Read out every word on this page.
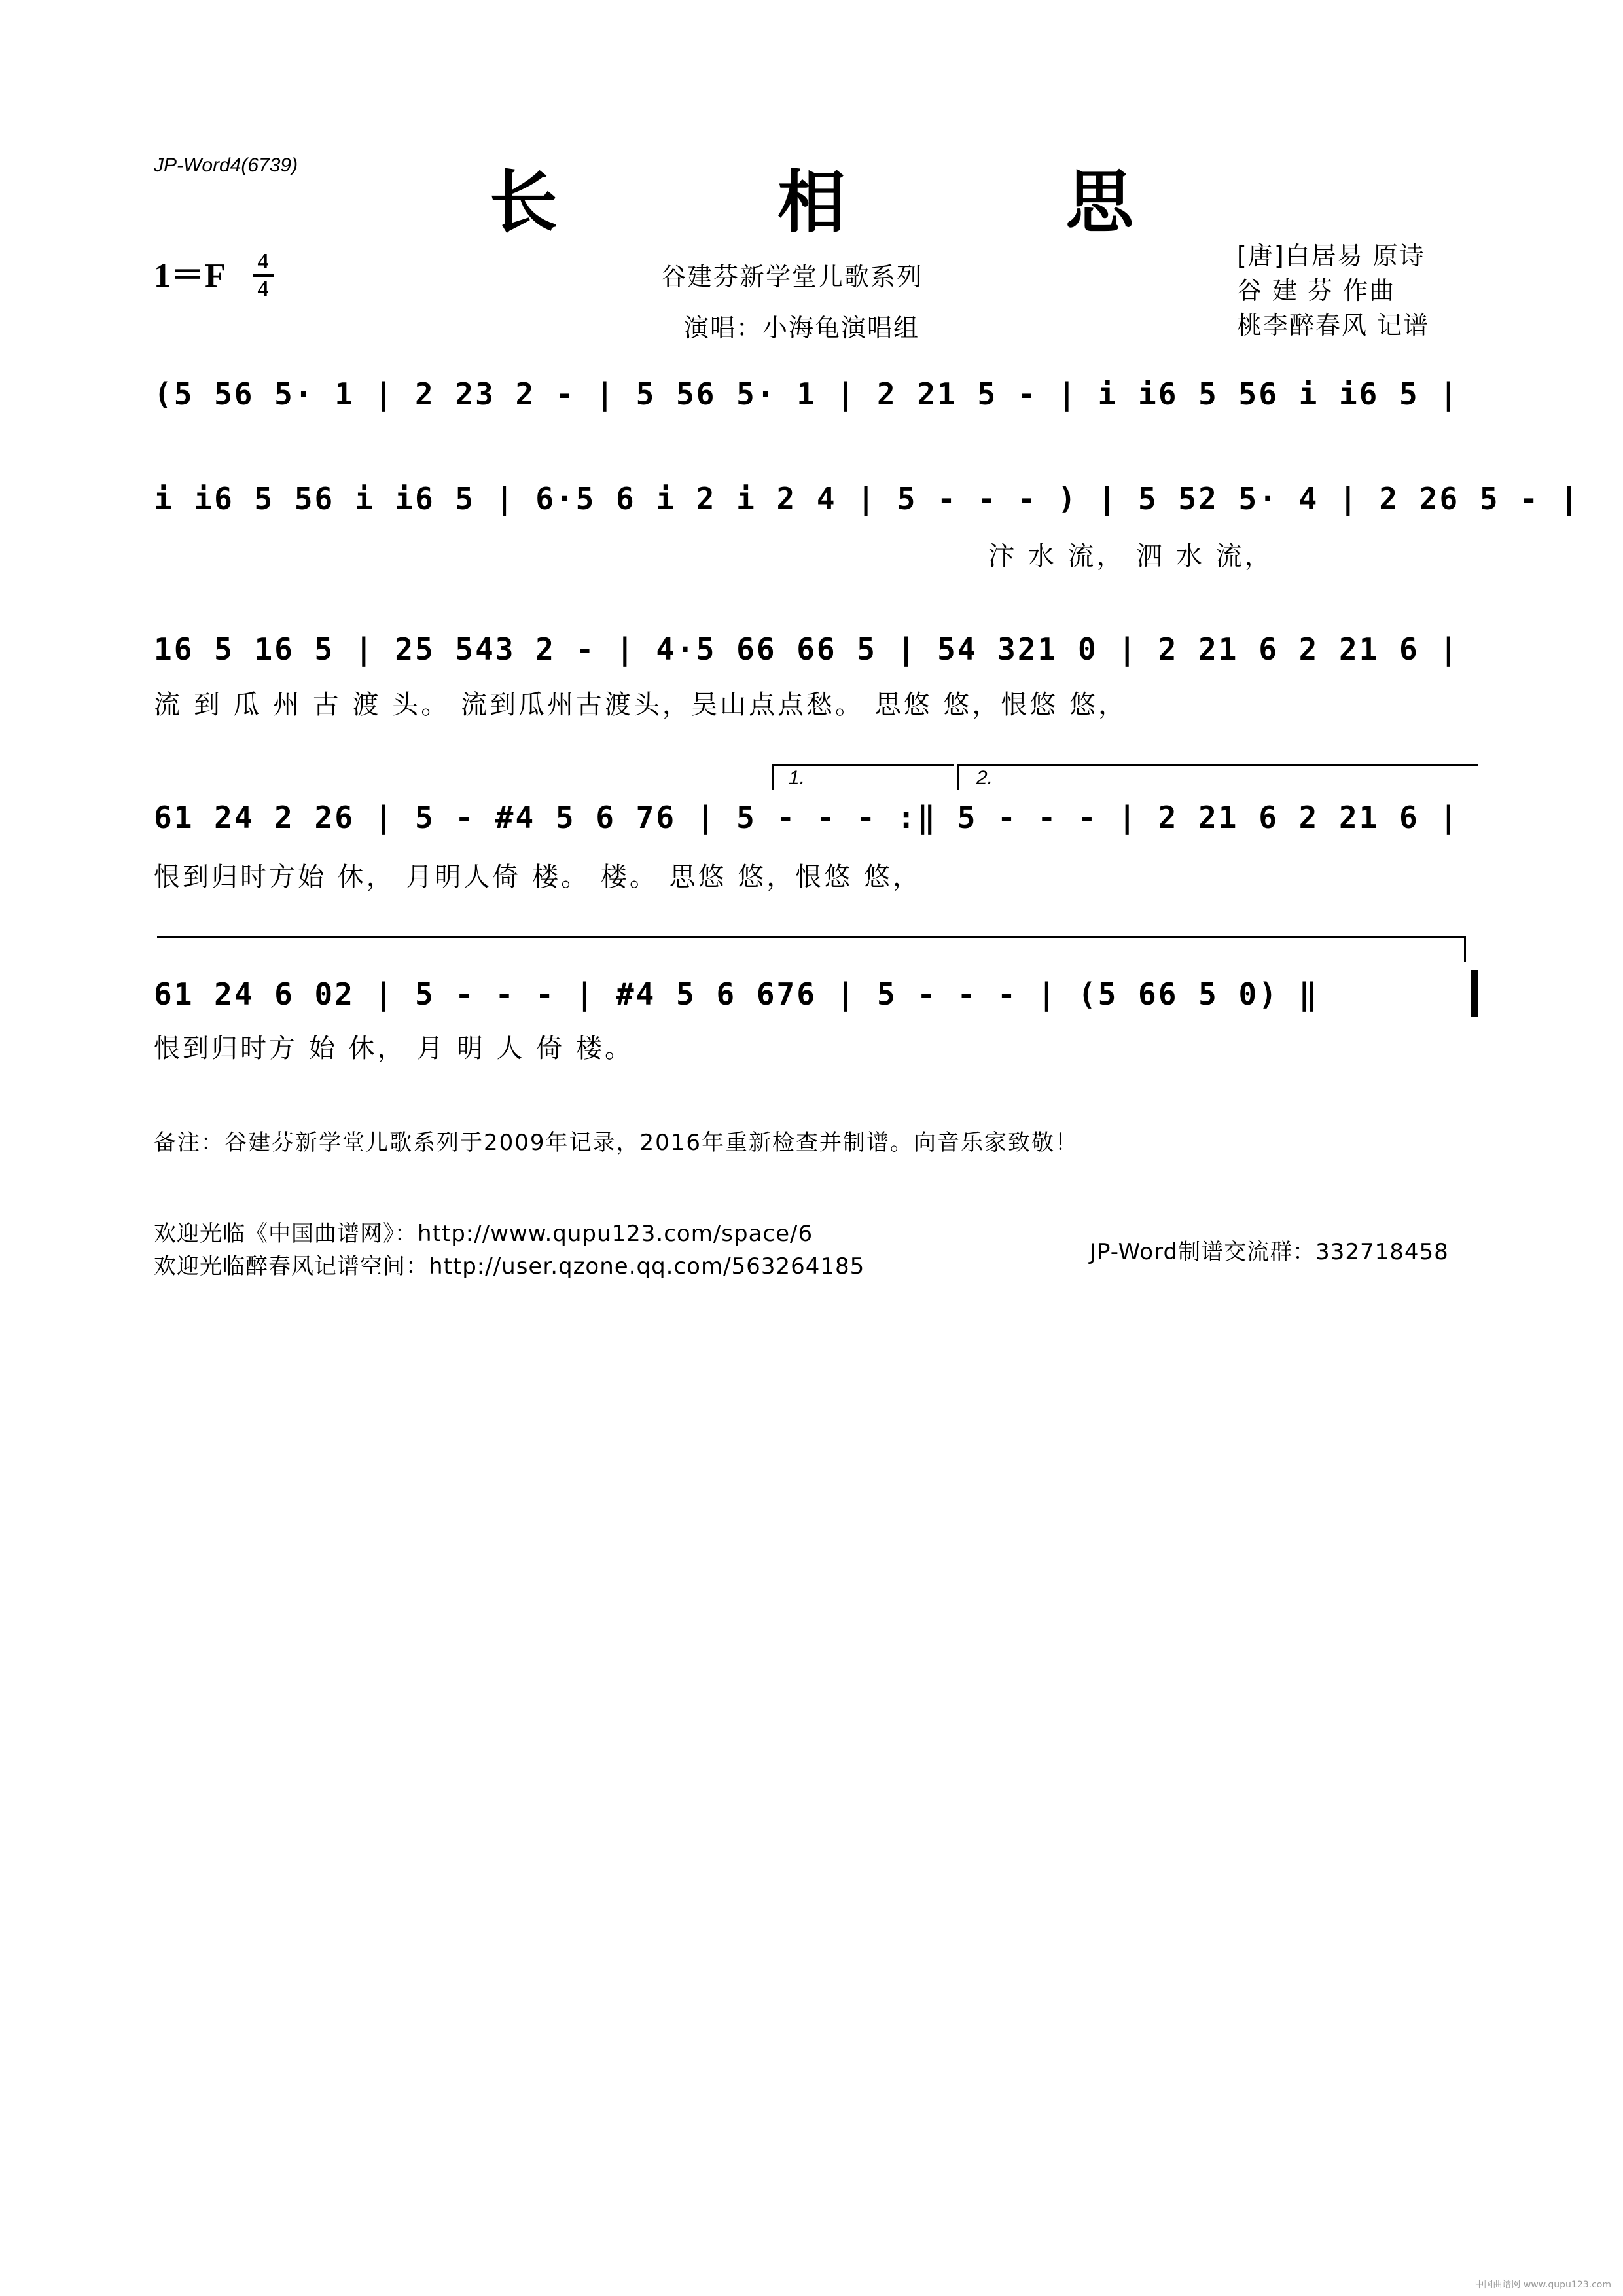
JP-Word4(6739)	长 相 思
1＝F	4
4	谷建芬新学堂儿歌系列
演唱：小海龟演唱组
[唐]白居易 原诗
谷 建 芬 作曲
桃李醉春风 记谱
(5 56 5· 1 | 2 23 2 - | 5 56 5· 1 | 2 21 5 - | i i6 5 56 i i6 5 |
i i6 5 56 i i6 5 | 6·5 6 i 2 i 2 4 | 5 - - - ) | 5 52 5· 4 | 2 26 5 - |
汴 水 流， 泗 水 流，
16 5 16 5 | 25 543 2 - | 4·5 66 66 5 | 54 321 0 | 2 21 6 2 21 6 |
流 到 瓜 州 古 渡 头。 流到瓜州古渡头，吴山点点愁。 思悠 悠，恨悠 悠，
1.	2.
61 24 2 26 | 5 - #4 5 6 76 | 5 - - - :‖ 5 - - - | 2 21 6 2 21 6 |
恨到归时方始 休， 月明人倚 楼。 楼。 思悠 悠，恨悠 悠，
61 24 6 02 | 5 - - - | #4 5 6 676 | 5 - - - | (5 66 5 0) ‖
恨到归时方 始 休， 月 明 人 倚 楼。
备注：谷建芬新学堂儿歌系列于2009年记录，2016年重新检查并制谱。向音乐家致敬！
欢迎光临《中国曲谱网》：http://www.qupu123.com/space/6
欢迎光临醉春风记谱空间：http://user.qzone.qq.com/563264185
JP-Word制谱交流群：332718458
中国曲谱网 www.qupu123.com
